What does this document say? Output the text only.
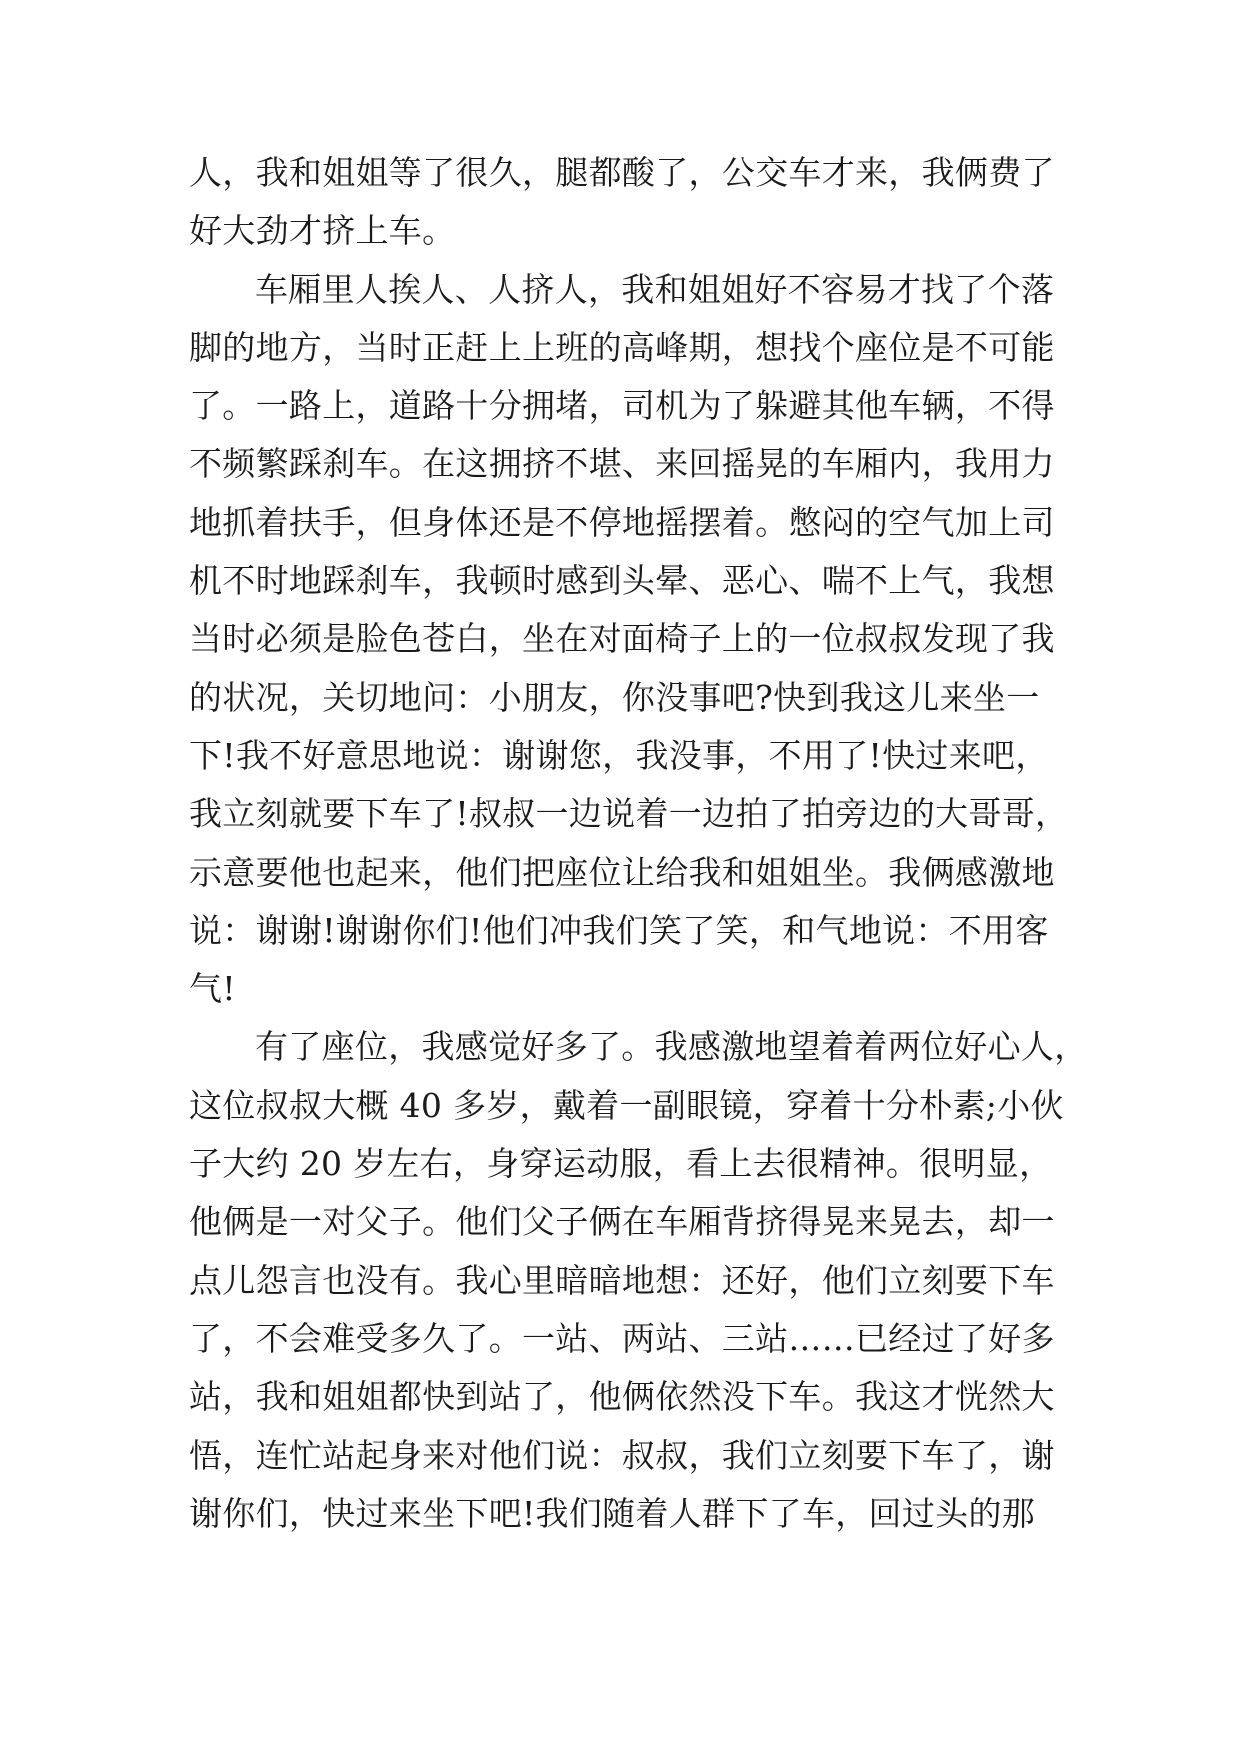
人，我和姐姐等了很久，腿都酸了，公交车才来，我俩费了
好大劲才挤上车。
车厢里人挨人、人挤人，我和姐姐好不容易才找了个落
脚的地方，当时正赶上上班的高峰期，想找个座位是不可能
了。一路上，道路十分拥堵，司机为了躲避其他车辆，不得
不频繁踩刹车。在这拥挤不堪、来回摇晃的车厢内，我用力
地抓着扶手，但身体还是不停地摇摆着。憋闷的空气加上司
机不时地踩刹车，我顿时感到头晕、恶心、喘不上气，我想
当时必须是脸色苍白，坐在对面椅子上的一位叔叔发现了我
的状况，关切地问：小朋友，你没事吧?快到我这儿来坐一
下!我不好意思地说：谢谢您，我没事，不用了!快过来吧，
我立刻就要下车了!叔叔一边说着一边拍了拍旁边的大哥哥，
示意要他也起来，他们把座位让给我和姐姐坐。我俩感激地
说：谢谢!谢谢你们!他们冲我们笑了笑，和气地说：不用客
气!
有了座位，我感觉好多了。我感激地望着着两位好心人，
这位叔叔大概 40 多岁，戴着一副眼镜，穿着十分朴素;小伙
子大约 20 岁左右，身穿运动服，看上去很精神。很明显，
他俩是一对父子。他们父子俩在车厢背挤得晃来晃去，却一
点儿怨言也没有。我心里暗暗地想：还好，他们立刻要下车
了，不会难受多久了。一站、两站、三站……已经过了好多
站，我和姐姐都快到站了，他俩依然没下车。我这才恍然大
悟，连忙站起身来对他们说：叔叔，我们立刻要下车了，谢
谢你们，快过来坐下吧!我们随着人群下了车，回过头的那
